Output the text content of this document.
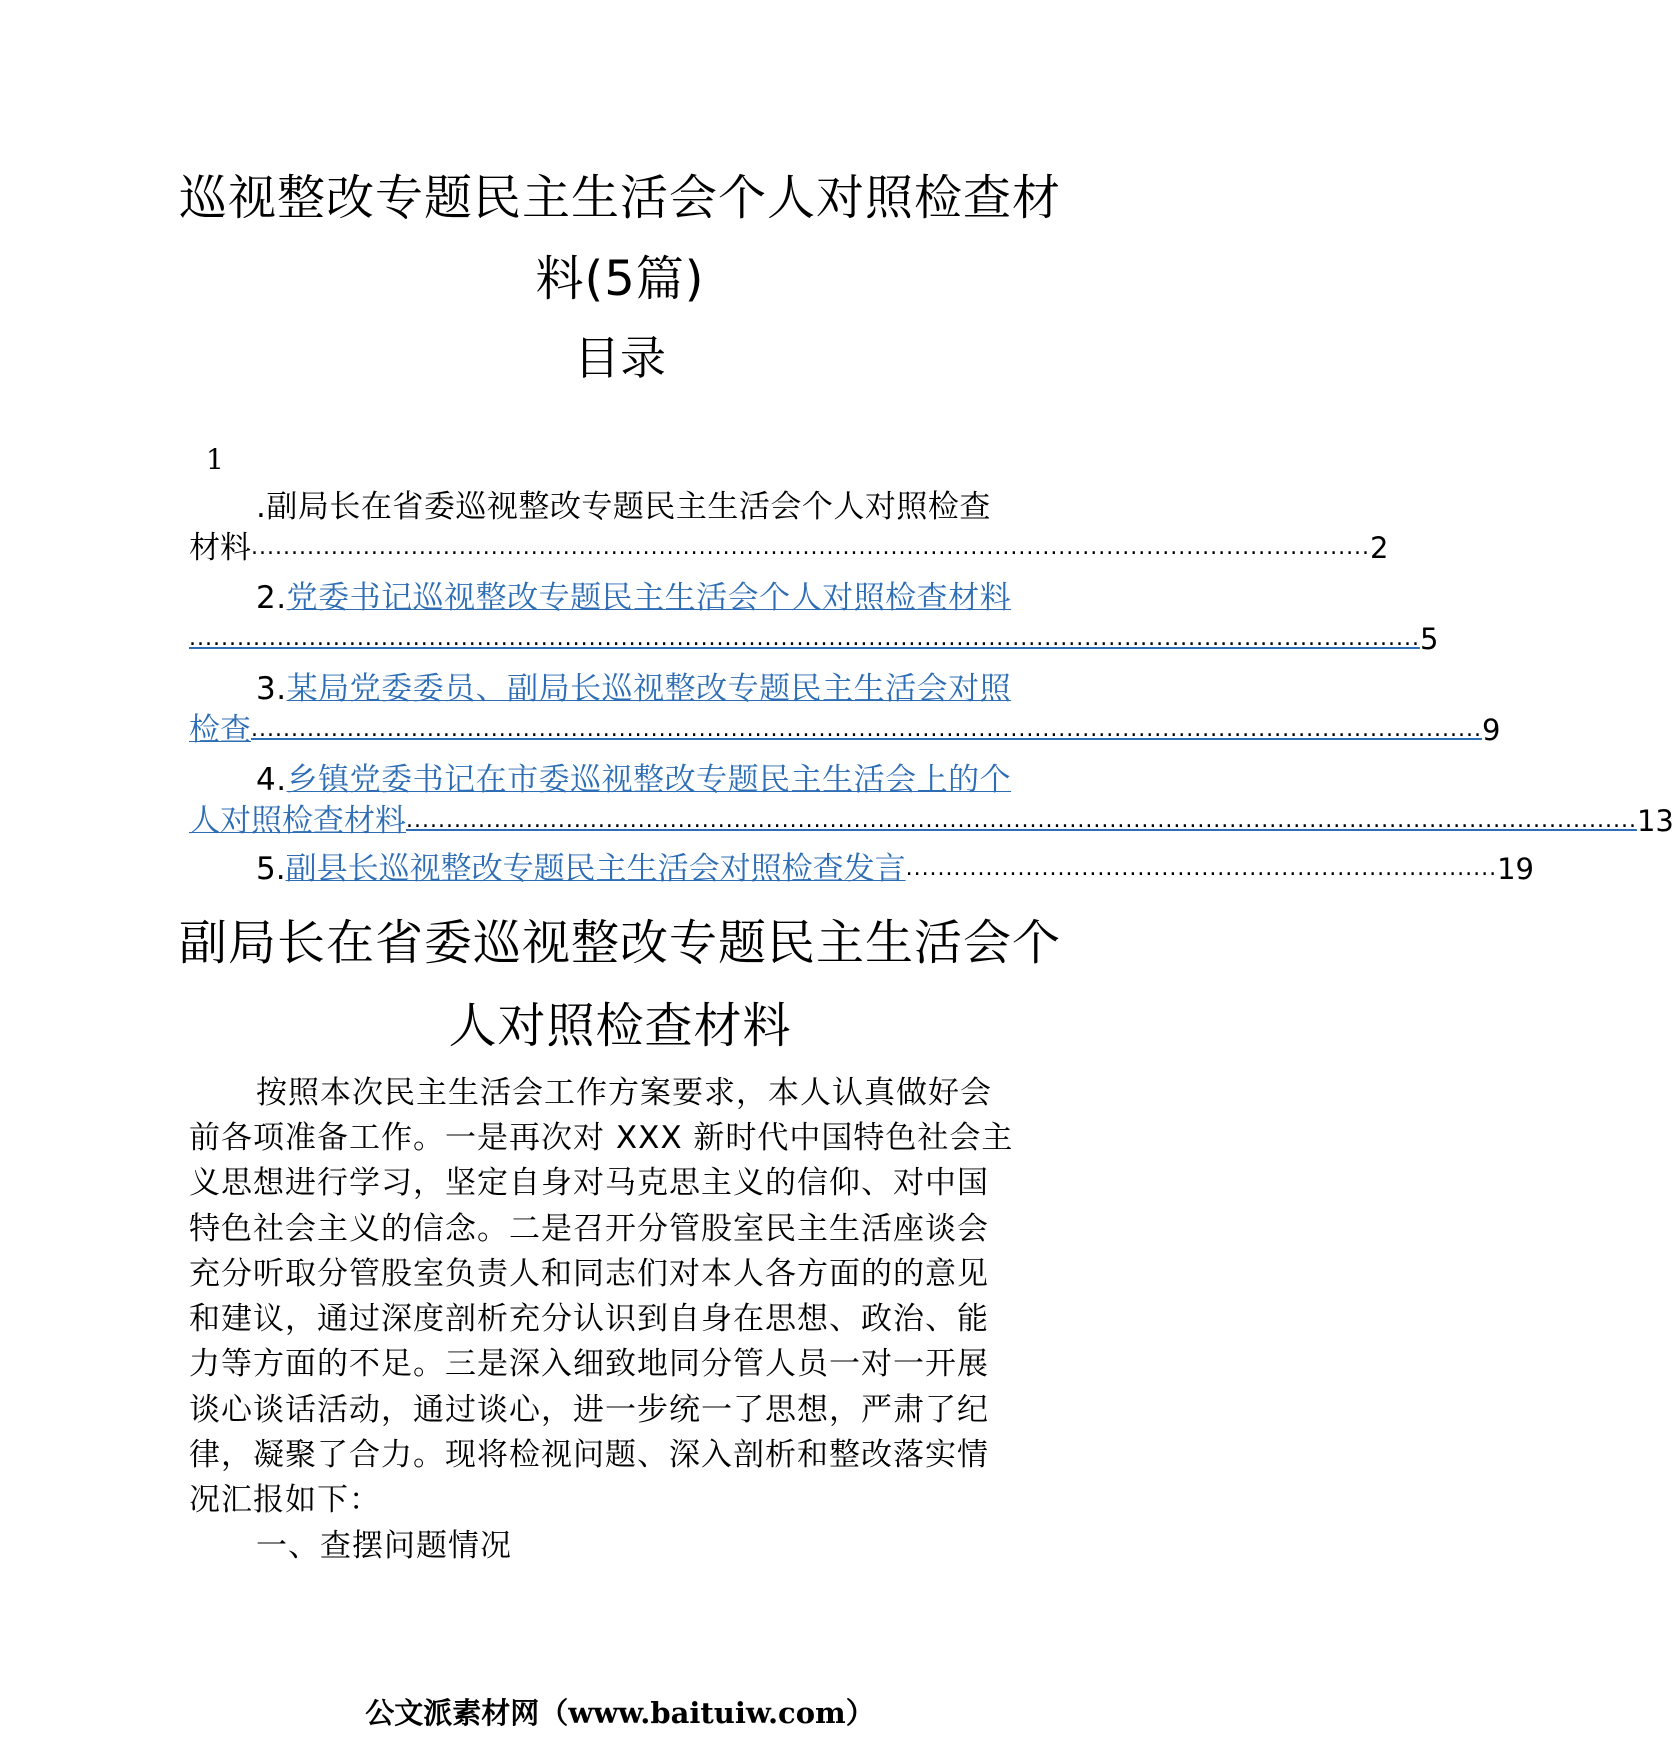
巡视整改专题民主生活会个人对照检查材
料(5篇)
目录
1
.副局长在省委巡视整改专题民主生活会个人对照检查
材料 ............................................................................................................................................ 2
2.党委书记巡视整改专题民主生活会个人对照检查材料
.......................................................................................................................................................... 5
3.某局党委委员、副局长巡视整改专题民主生活会对照
检查 .......................................................................................................................................................... 9
4.乡镇党委书记在市委巡视整改专题民主生活会上的个
人对照检查材料 .......................................................................................................................................................... 13
5. 副县长巡视整改专题民主生活会对照检查发言 .......................................................................... 19
副局长在省委巡视整改专题民主生活会个
人对照检查材料
按照本次民主生活会工作方案要求，本人认真做好会
前各项准备工作。一是再次对 XXX 新时代中国特色社会主
义思想进行学习，坚定自身对马克思主义的信仰、对中国
特色社会主义的信念。二是召开分管股室民主生活座谈会
充分听取分管股室负责人和同志们对本人各方面的的意见
和建议，通过深度剖析充分认识到自身在思想、政治、能
力等方面的不足。三是深入细致地同分管人员一对一开展
谈心谈话活动，通过谈心，进一步统一了思想，严肃了纪
律，凝聚了合力。现将检视问题、深入剖析和整改落实情
况汇报如下：
一、查摆问题情况
公文派素材网（www.baituiw.com）
